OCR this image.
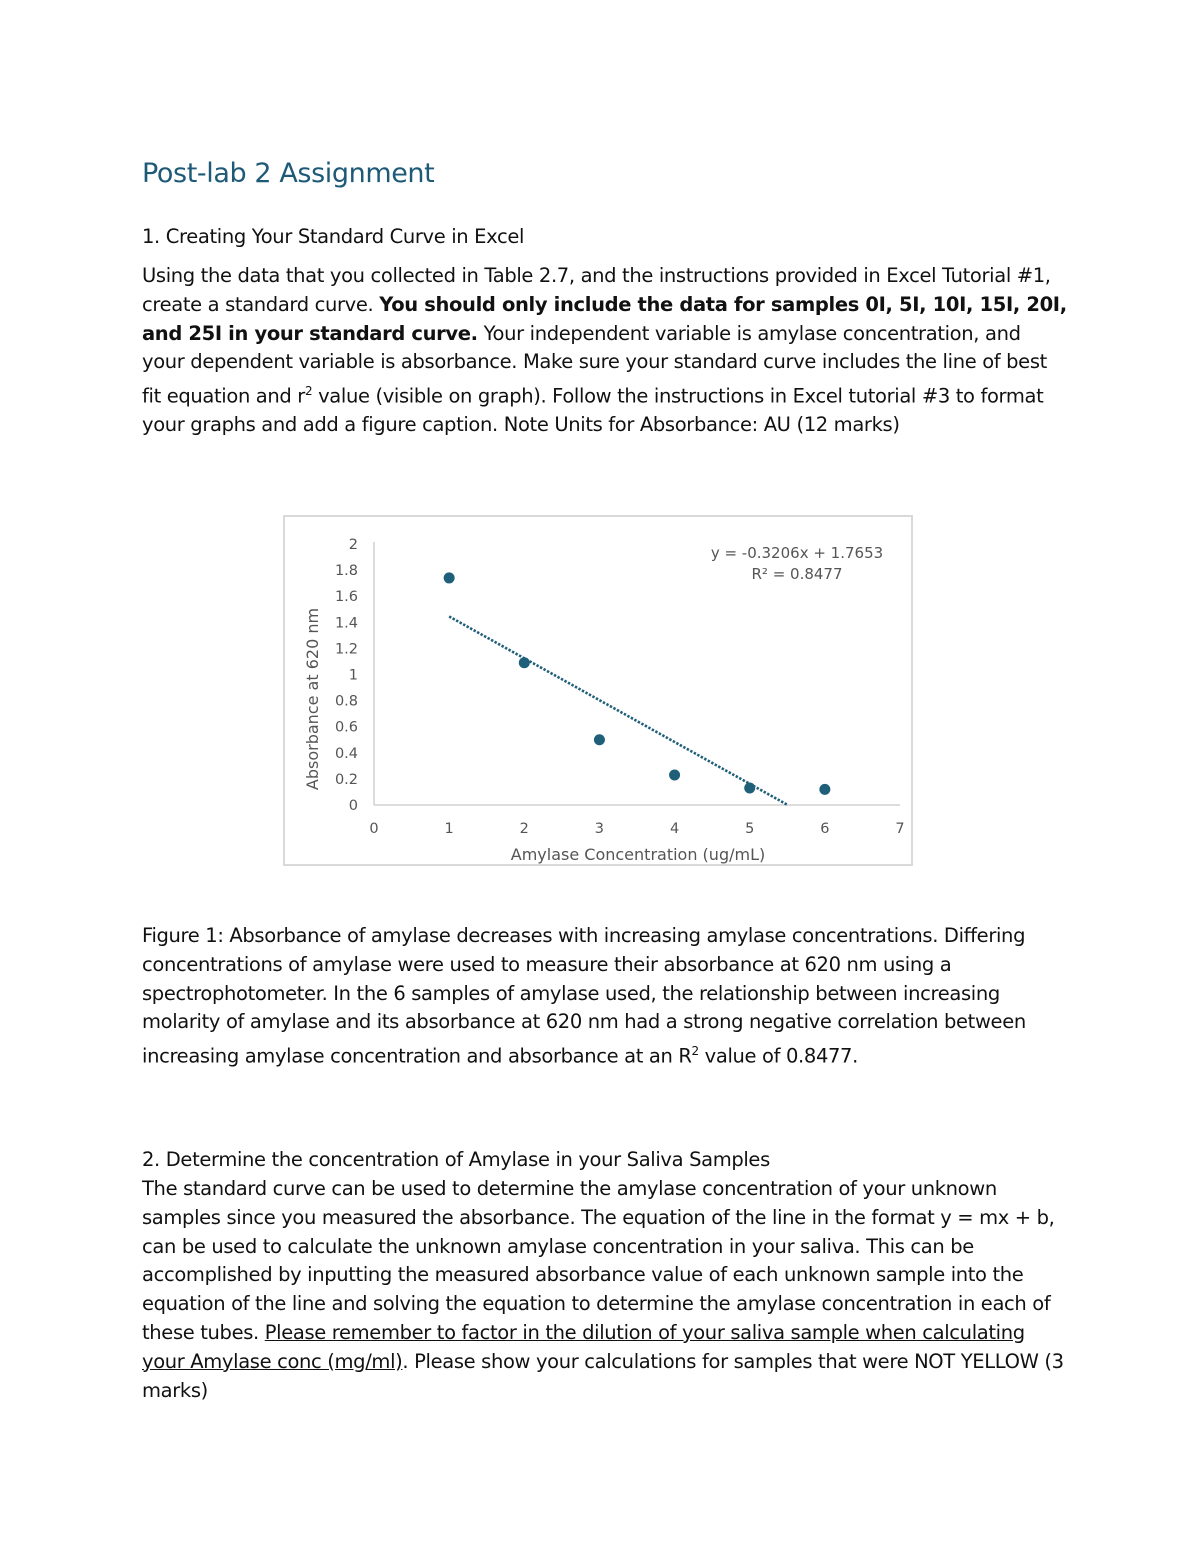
Post-lab 2 Assignment

1. Creating Your Standard Curve in Excel

Using the data that you collected in Table 2.7, and the instructions provided in Excel Tutorial #1, create a standard curve. You should only include the data for samples 0I, 5I, 10I, 15I, 20I, and 25I in your standard curve. Your independent variable is amylase concentration, and your dependent variable is absorbance. Make sure your standard curve includes the line of best fit equation and $r^2$ value (visible on graph). Follow the instructions in Excel tutorial #3 to format your graphs and add a figure caption. Note Units for Absorbance: AU (12 marks)

0
0.2
0.4
0.6
0.8
1
1.2
1.4
1.6
1.8
2
0	1	2	3	4	5	6	7
Amylase Concentration (ug/mL)
Absorbance at 620 nm
y = -0.3206x + 1.7653
R² = 0.8477

Figure 1: Absorbance of amylase decreases with increasing amylase concentrations. Differing concentrations of amylase were used to measure their absorbance at 620 nm using a spectrophotometer. In the 6 samples of amylase used, the relationship between increasing molarity of amylase and its absorbance at 620 nm had a strong negative correlation between increasing amylase concentration and absorbance at an $R^2$ value of 0.8477.

2. Determine the concentration of Amylase in your Saliva Samples

The standard curve can be used to determine the amylase concentration of your unknown samples since you measured the absorbance. The equation of the line in the format y = mx + b, can be used to calculate the unknown amylase concentration in your saliva. This can be accomplished by inputting the measured absorbance value of each unknown sample into the equation of the line and solving the equation to determine the amylase concentration in each of these tubes. Please remember to factor in the dilution of your saliva sample when calculating your Amylase conc (mg/ml). Please show your calculations for samples that were NOT YELLOW (3 marks)
